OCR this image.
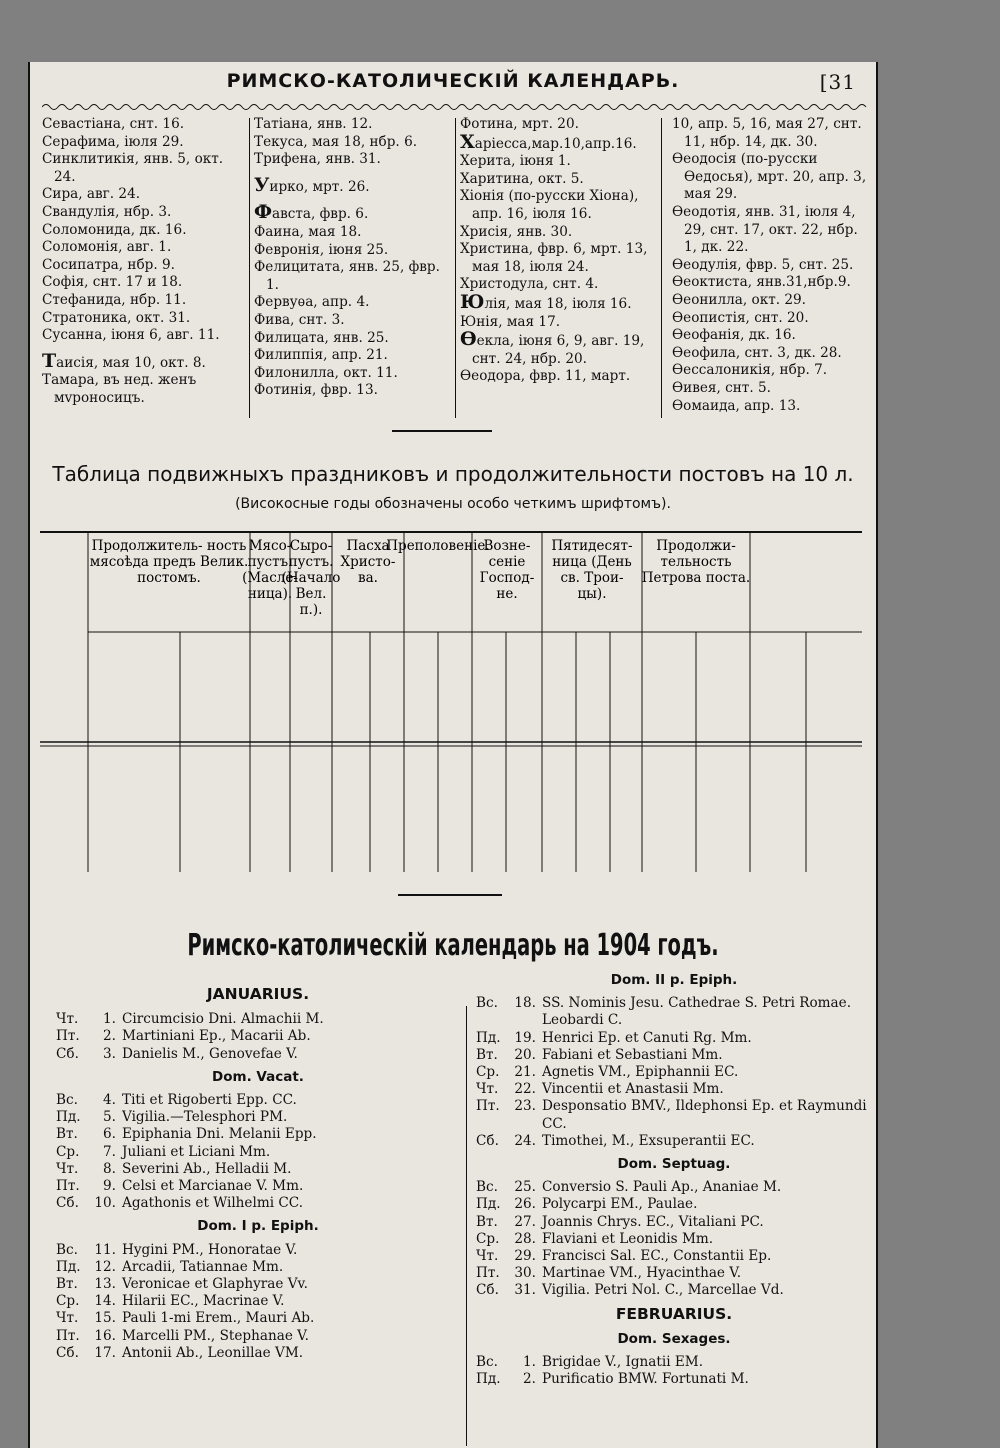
РИМСКО-КАТОЛИЧЕСКІЙ КАЛЕНДАРЬ.	[31
Севастіана, снт. 16.
Серафима, іюля 29.
Синклитикія, янв. 5, окт. 24.
Сира, авг. 24.
Свандулія, нбр. 3.
Соломонида, дк. 16.
Соломонія, авг. 1.
Сосипатра, нбр. 9.
Софія, снт. 17 и 18.
Стефанида, нбр. 11.
Стратоника, окт. 31.
Сусанна, іюня 6, авг. 11.
Таисія, мая 10, окт. 8.
Тамара, въ нед. женъ мvроносицъ.
Татіана, янв. 12.
Текуса, мая 18, нбр. 6.
Трифена, янв. 31.
Уирко, мрт. 26.
Фавста, фвр. 6.
Фаина, мая 18.
Февронія, іюня 25.
Фелицитата, янв. 25, фвр. 1.
Фервуѳа, апр. 4.
Фива, снт. 3.
Филицата, янв. 25.
Филиппія, апр. 21.
Филонилла, окт. 11.
Фотинія, фвр. 13.
Фотина, мрт. 20.
Харіесса,мар.10,апр.16.
Херита, іюня 1.
Харитина, окт. 5.
Хіонія (по-русски Хіона), апр. 16, іюля 16.
Хрисія, янв. 30.
Христина, фвр. 6, мрт. 13, мая 18, іюля 24.
Христодула, снт. 4.
Юлія, мая 18, іюля 16.
Юнія, мая 17.
Ѳекла, іюня 6, 9, авг. 19, снт. 24, нбр. 20.
Ѳеодора, фвр. 11, март.
10, апр. 5, 16, мая 27, снт. 11, нбр. 14, дк. 30.
Ѳеодосія (по-русски Ѳедосья), мрт. 20, апр. 3, мая 29.
Ѳеодотія, янв. 31, іюля 4, 29, снт. 17, окт. 22, нбр. 1, дк. 22.
Ѳеодулія, фвр. 5, снт. 25.
Ѳеоктиста, янв.31,нбр.9.
Ѳеонилла, окт. 29.
Ѳеопистія, снт. 20.
Ѳеофанія, дк. 16.
Ѳеофила, снт. 3, дк. 28.
Ѳессалоникія, нбр. 7.
Ѳивея, снт. 5.
Ѳомаида, апр. 13.
Таблица подвижныхъ праздниковъ и продолжительности постовъ на 10 л.
(Високосные годы обозначены особо четкимъ шрифтомъ).
Продолжитель- ность мясоѣда предъ Велик. постомъ.
Мясо-пустъ. (Масле-ница).
Сыро-пустъ. (Начало Вел. п.).
Пасха Христо-ва.
Преполовеніе.
Возне-сеніе Господ-не.
Пятидесят-ница (День св. Трои-цы).
Продолжи-тельность Петрова поста.
Римско-католическій календарь на 1904 годъ.
JANUARIUS.
Чт.	1. Circumcisio Dni. Almachii M.
Пт.	2. Martiniani Ep., Macarii Ab.
Сб.	3. Danielis M., Genovefae V.
Dom. Vacat.
Вс.	4. Titi et Rigoberti Epp. CC.
Пд.	5. Vigilia.—Telesphori PM.
Вт.	6. Epiphania Dni. Melanii Epp.
Ср.	7. Juliani et Liciani Mm.
Чт.	8. Severini Ab., Helladii M.
Пт.	9. Celsi et Marcianae V. Mm.
Сб.	10. Agathonis et Wilhelmi CC.
Dom. I p. Epiph.
Вс.	11. Hygini PM., Honoratae V.
Пд.	12. Arcadii, Tatiannae Mm.
Вт.	13. Veronicae et Glaphyrae Vv.
Ср.	14. Hilarii EC., Macrinae V.
Чт.	15. Pauli 1-mi Erem., Mauri Ab.
Пт.	16. Marcelli PM., Stephanae V.
Сб.	17. Antonii Ab., Leonillae VM.
Dom. II p. Epiph.
Вс.	18. SS. Nominis Jesu. Cathedrae S. Petri Romae. Leobardi C.
Пд.	19. Henrici Ep. et Canuti Rg. Mm.
Вт.	20. Fabiani et Sebastiani Mm.
Ср.	21. Agnetis VM., Epiphannii EC.
Чт.	22. Vincentii et Anastasii Mm.
Пт.	23. Desponsatio BMV., Ildephonsi Ep. et Raymundi CC.
Сб.	24. Timothei, M., Exsuperantii EC.
Dom. Septuag.
Вс.	25. Conversio S. Pauli Ap., Ananiae M.
Пд.	26. Polycarpi EM., Paulae.
Вт.	27. Joannis Chrys. EC., Vitaliani PC.
Ср.	28. Flaviani et Leonidis Mm.
Чт.	29. Francisci Sal. EC., Constantii Ep.
Пт.	30. Martinae VM., Hyacinthae V.
Сб.	31. Vigilia. Petri Nol. C., Marcellae Vd.
FEBRUARIUS.
Dom. Sexages.
Вс.	1. Brigidae V., Ignatii EM.
Пд.	2. Purificatio BMW. Fortunati M.
